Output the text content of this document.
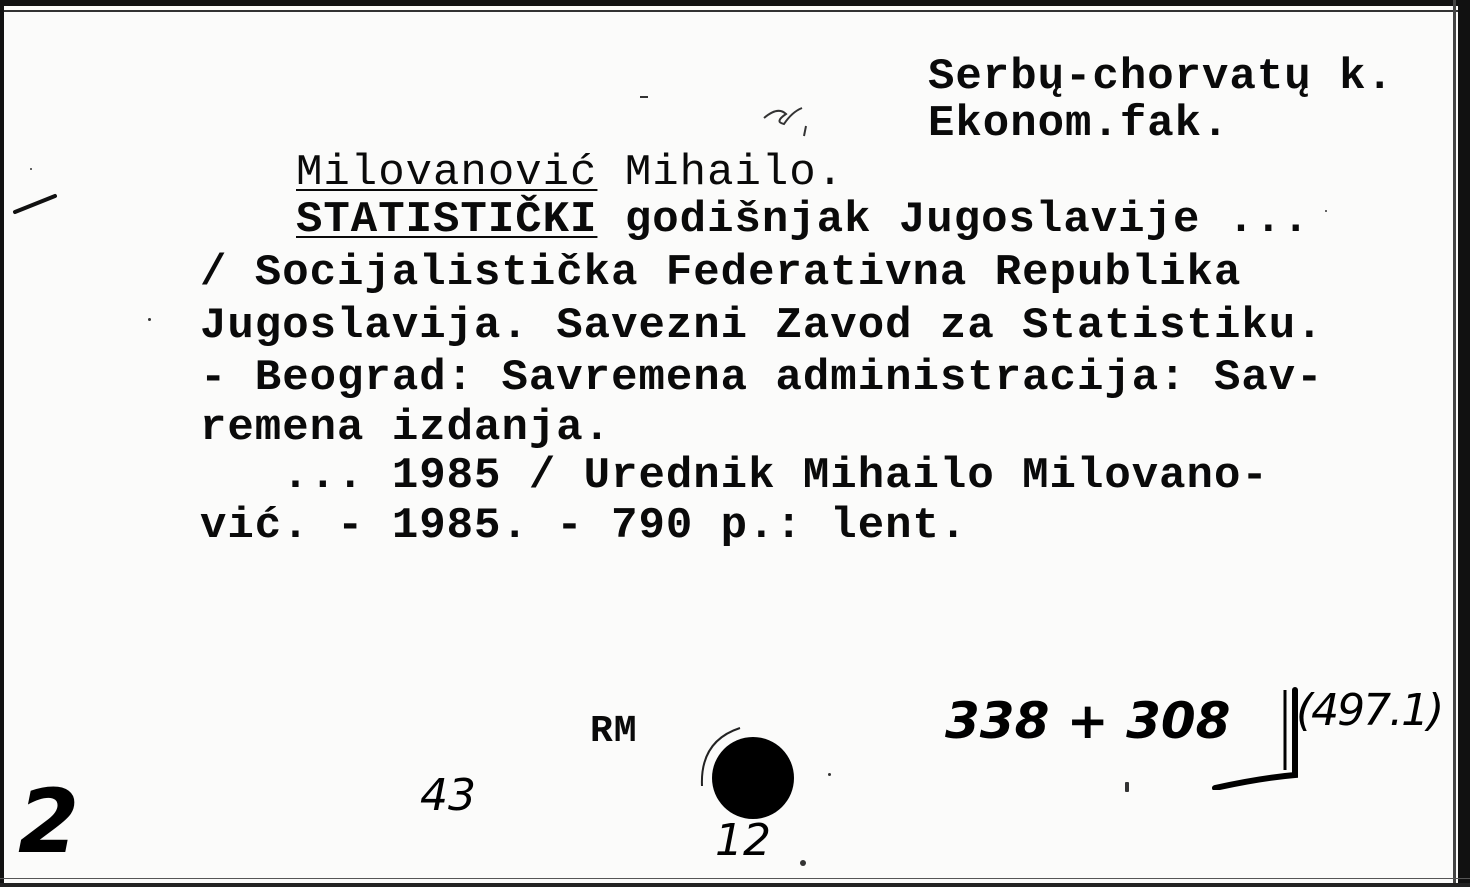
Serbų-chorvatų k.
Ekonom.fak.
Milovanović Mihailo.
STATISTIČKI godišnjak Jugoslavije ...
/ Socijalistička Federativna Republika
Jugoslavija. Savezni Zavod za Statistiku.
- Beograd: Savremena administracija: Sav-
remena izdanja.
... 1985 / Urednik Mihailo Milovano-
vić. - 1985. - 790 p.: lent.
RM	338 + 308 (497.1)
43
12
2
